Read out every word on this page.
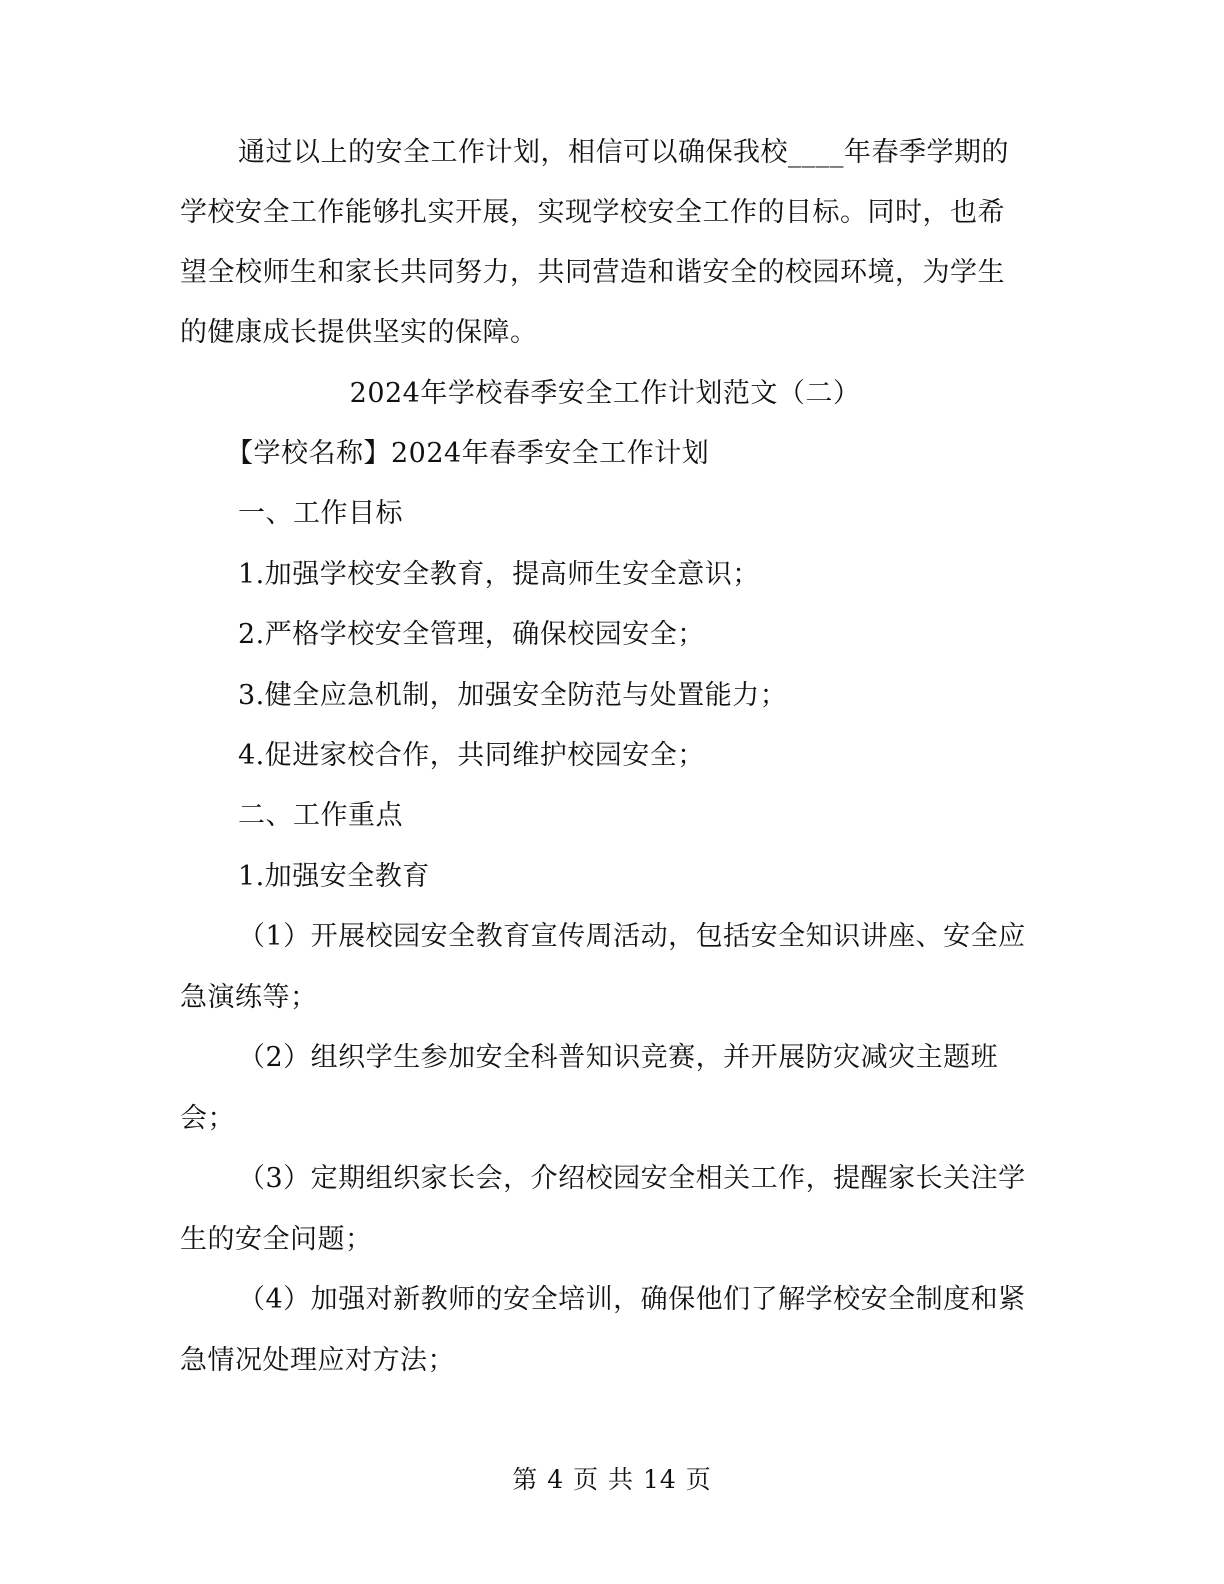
通过以上的安全工作计划，相信可以确保我校____年春季学期的
学校安全工作能够扎实开展，实现学校安全工作的目标。同时，也希
望全校师生和家长共同努力，共同营造和谐安全的校园环境，为学生
的健康成长提供坚实的保障。
2024年学校春季安全工作计划范文（二）
【学校名称】2024年春季安全工作计划
一、工作目标
1.加强学校安全教育，提高师生安全意识；
2.严格学校安全管理，确保校园安全；
3.健全应急机制，加强安全防范与处置能力；
4.促进家校合作，共同维护校园安全；
二、工作重点
1.加强安全教育
（1）开展校园安全教育宣传周活动，包括安全知识讲座、安全应
急演练等；
（2）组织学生参加安全科普知识竞赛，并开展防灾减灾主题班
会；
（3）定期组织家长会，介绍校园安全相关工作，提醒家长关注学
生的安全问题；
（4）加强对新教师的安全培训，确保他们了解学校安全制度和紧
急情况处理应对方法；
第 4 页 共 14 页
